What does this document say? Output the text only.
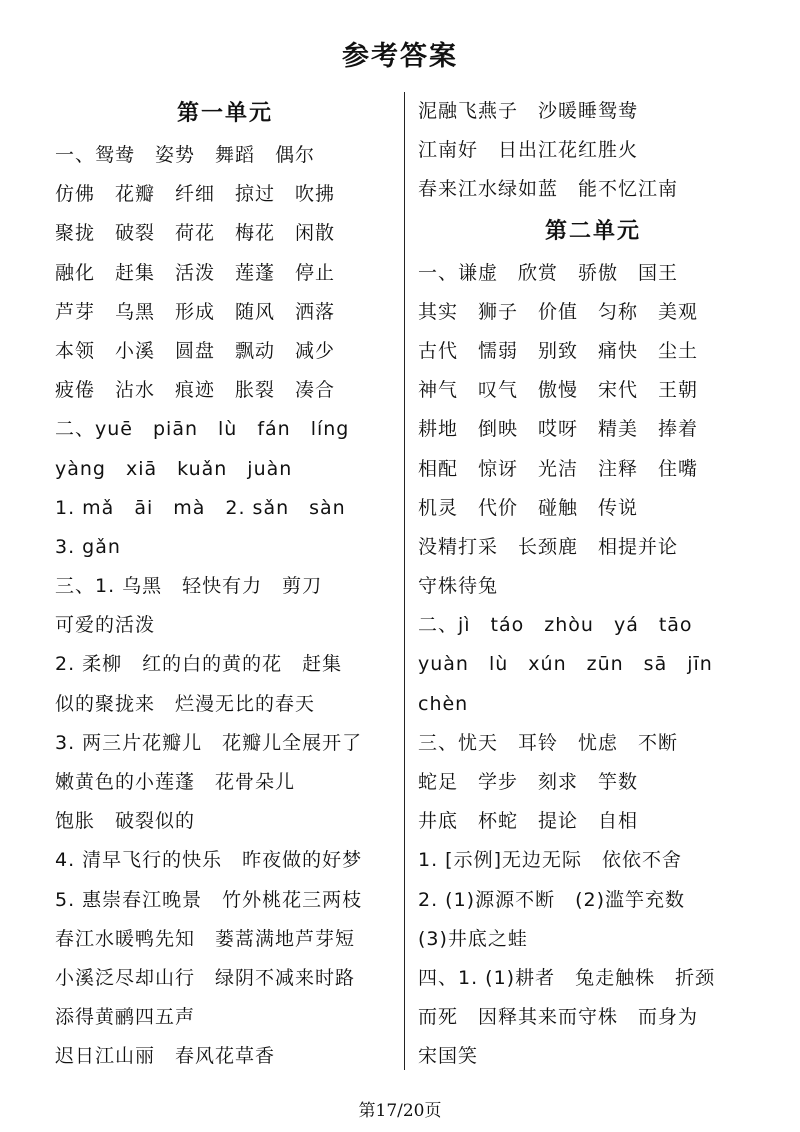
参考答案
第一单元
一、鸳鸯　姿势　舞蹈　偶尔
仿佛　花瓣　纤细　掠过　吹拂
聚拢　破裂　荷花　梅花　闲散
融化　赶集　活泼　莲蓬　停止
芦芽　乌黑　形成　随风　洒落
本领　小溪　圆盘　飘动　减少
疲倦　沾水　痕迹　胀裂　凑合
二、yuē　piān　lù　fán　líng
yàng　xiā　kuǎn　juàn
1. mǎ　āi　mà　2. sǎn　sàn
3. gǎn
三、1. 乌黑　轻快有力　剪刀
可爱的活泼
2. 柔柳　红的白的黄的花　赶集
似的聚拢来　烂漫无比的春天
3. 两三片花瓣儿　花瓣儿全展开了
嫩黄色的小莲蓬　花骨朵儿
饱胀　破裂似的
4. 清早飞行的快乐　昨夜做的好梦
5. 惠崇春江晚景　竹外桃花三两枝
春江水暖鸭先知　蒌蒿满地芦芽短
小溪泛尽却山行　绿阴不减来时路
添得黄鹂四五声
迟日江山丽　春风花草香
泥融飞燕子　沙暖睡鸳鸯
江南好　日出江花红胜火
春来江水绿如蓝　能不忆江南
第二单元
一、谦虚　欣赏　骄傲　国王
其实　狮子　价值　匀称　美观
古代　懦弱　别致　痛快　尘土
神气　叹气　傲慢　宋代　王朝
耕地　倒映　哎呀　精美　捧着
相配　惊讶　光洁　注释　住嘴
机灵　代价　碰触　传说
没精打采　长颈鹿　相提并论
守株待兔
二、jì　táo　zhòu　yá　tāo
yuàn　lù　xún　zūn　sā　jīn
chèn
三、忧天　耳铃　忧虑　不断
蛇足　学步　刻求　竽数
井底　杯蛇　提论　自相
1. [示例]无边无际　依依不舍
2. (1)源源不断　(2)滥竽充数
(3)井底之蛙
四、1. (1)耕者　兔走触株　折颈
而死　因释其来而守株　而身为
宋国笑
第17/20页
